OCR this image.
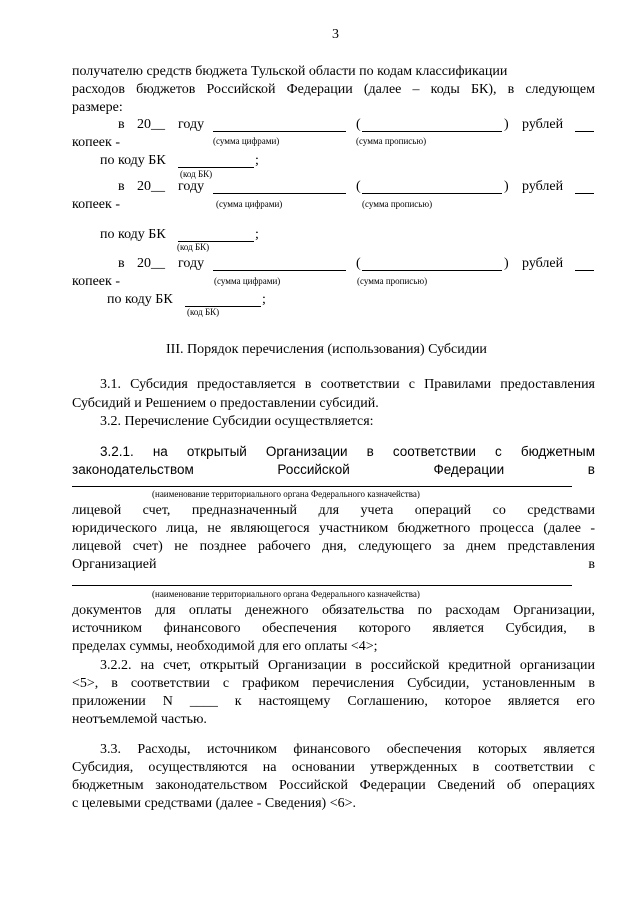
3
получателю средств бюджета Тульской области по кодам классификации
расходов бюджетов Российской Федерации (далее – коды БК), в следующем
размере:
в 20__ году	(	) рублей
копеек -	(сумма цифрами)	(сумма прописью)
по коду БК	;
(код БК)
в 20__ году	(	) рублей
копеек -	(сумма цифрами)	(сумма прописью)
по коду БК	;
(код БК)
в 20__ году	(	) рублей
копеек -	(сумма цифрами)	(сумма прописью)
по коду БК	;
(код БК)
III. Порядок перечисления (использования) Субсидии
3.1. Субсидия предоставляется в соответствии с Правилами предоставления
Субсидий и Решением о предоставлении субсидий.
3.2. Перечисление Субсидии осуществляется:
3.2.1. на открытый Организации в соответствии с бюджетным
законодательством	Российской	Федерации	в
(наименование территориального органа Федерального казначейства)
лицевой счет, предназначенный для учета операций со средствами
юридического лица, не являющегося участником бюджетного процесса (далее -
лицевой счет) не позднее рабочего дня, следующего за днем представления
Организацией	в
(наименование территориального органа Федерального казначейства)
документов для оплаты денежного обязательства по расходам Организации,
источником финансового обеспечения которого является Субсидия, в
пределах суммы, необходимой для его оплаты <4>;
3.2.2. на счет, открытый Организации в российской кредитной организации
<5>, в соответствии с графиком перечисления Субсидии, установленным в
приложении N ____ к настоящему Соглашению, которое является его
неотъемлемой частью.
3.3. Расходы, источником финансового обеспечения которых является
Субсидия, осуществляются на основании утвержденных в соответствии с
бюджетным законодательством Российской Федерации Сведений об операциях
с целевыми средствами (далее - Сведения) <6>.
